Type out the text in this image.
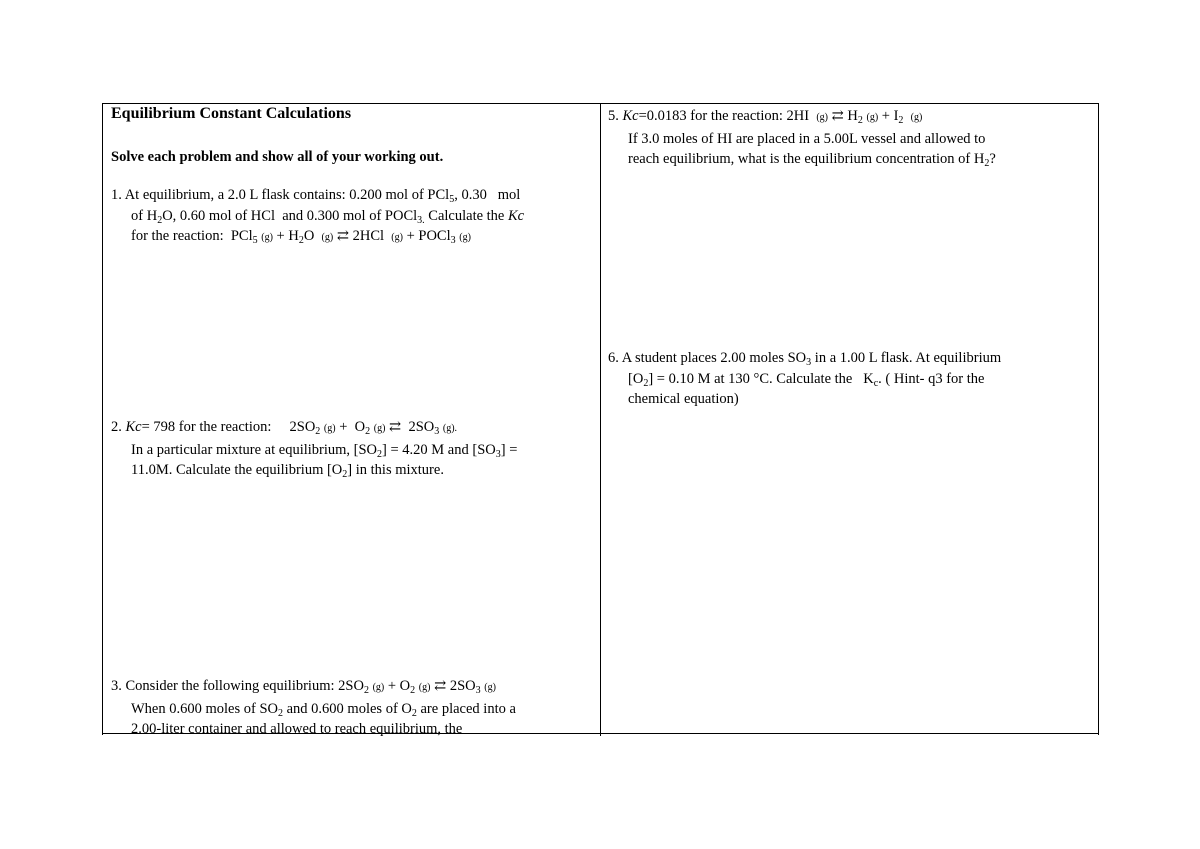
Equilibrium Constant Calculations
Solve each problem and show all of your working out.
1. At equilibrium, a 2.0 L flask contains: 0.200 mol of PCl$_5$, 0.30   mol
of $H_2O$, 0.60 mol of HCl  and 0.300 mol of POCl$_{3.}$ Calculate the Kc
for the reaction:  PCl$_5$ $(g) + H_2O$  (g) ⇄ 2HCl  (g) + POCl$_3$ (g)
2. Kc= 798 for the reaction:     $2SO_2$ $(g) + O_2$ (g) ⇄  $2SO_3$ (g).
In a particular mixture at equilibrium, $[SO_2] = 4.20$ M and $[SO_3]$ =
11.0M. Calculate the equilibrium $[O_2]$ in this mixture.
3. Consider the following equilibrium: $2SO_2$ $(g) + O_2$ (g) ⇄ $2SO_3$ (g)
When 0.600 moles of $SO_2$ and 0.600 moles of $O_2$ are placed into a
2.00-liter container and allowed to reach equilibrium, the
5. Kc=0.0183 for the reaction: 2HI  (g) ⇄ $H_2$ $(g) + I_2$ (g)
If 3.0 moles of HI are placed in a 5.00L vessel and allowed to
reach equilibrium, what is the equilibrium concentration of $H_2$?
6. A student places 2.00 moles $SO_3$ in a 1.00 L flask. At equilibrium
$[O_2] = 0.10$ M at 130 °C. Calculate the   $K_c$. ( Hint- q3 for the
chemical equation)
